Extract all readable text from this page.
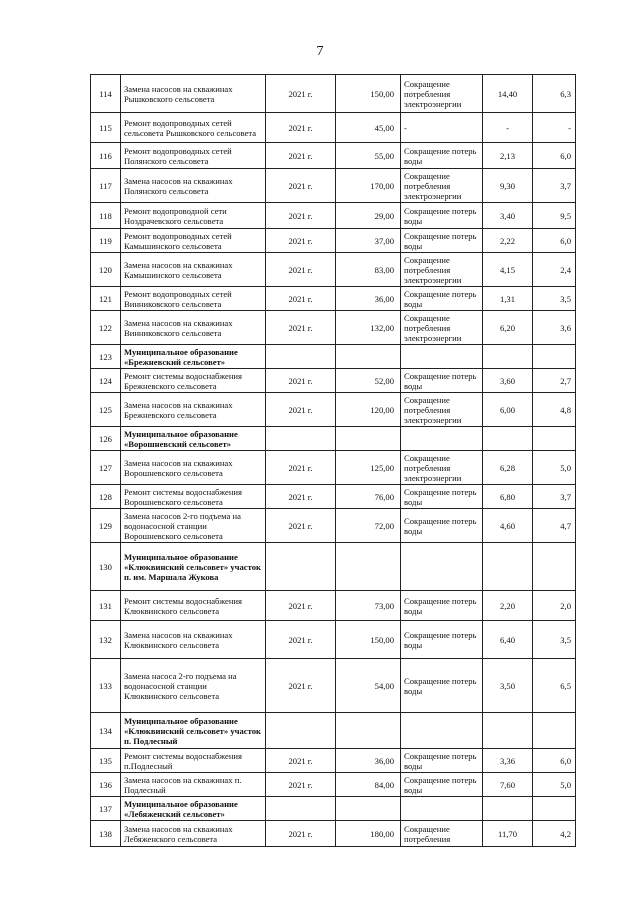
7
114	Замена насосов на скважинах Рышковского сельсовета	2021 г.	150,00	Сокращение потребления электроэнергии	14,40	6,3
115	Ремонт водопроводных сетей сельсовета Рышковского сельсовета	2021 г.	45,00	-	-	-
116	Ремонт водопроводных сетей Полянского сельсовета	2021 г.	55,00	Сокращение потерь воды	2,13	6,0
117	Замена насосов на скважинах Полянского сельсовета	2021 г.	170,00	Сокращение потребления электроэнергии	9,30	3,7
118	Ремонт водопроводной сети Ноздрачевского сельсовета	2021 г.	29,00	Сокращение потерь воды	3,40	9,5
119	Ремонт водопроводных сетей Камышинского сельсовета	2021 г.	37,00	Сокращение потерь воды	2,22	6,0
120	Замена насосов на скважинах Камышинского сельсовета	2021 г.	83,00	Сокращение потребления электроэнергии	4,15	2,4
121	Ремонт водопроводных сетей Винниковского сельсовета	2021 г.	36,00	Сокращение потерь воды	1,31	3,5
122	Замена насосов на скважинах Винниковского сельсовета	2021 г.	132,00	Сокращение потребления электроэнергии	6,20	3,6
123	Муниципальное образование «Брежневский сельсовет»					
124	Ремонт системы водоснабжения Брежневского сельсовета	2021 г.	52,00	Сокращение потерь воды	3,60	2,7
125	Замена насосов на скважинах Брежневского сельсовета	2021 г.	120,00	Сокращение потребления электроэнергии	6,00	4,8
126	Муниципальное образование «Ворошневский сельсовет»					
127	Замена насосов на скважинах Ворошневского сельсовета	2021 г.	125,00	Сокращение потребления электроэнергии	6,28	5,0
128	Ремонт системы водоснабжения Ворошневского сельсовета	2021 г.	76,00	Сокращение потерь воды	6,80	3,7
129	Замена насосов 2-го подъема на водонасосной станции Ворошневского сельсовета	2021 г.	72,00	Сокращение потерь воды	4,60	4,7
130	Муниципальное образование «Клюквинский сельсовет» участок п. им. Маршала Жукова					
131	Ремонт системы водоснабжения Клюквинского сельсовета	2021 г.	73,00	Сокращение потерь воды	2,20	2,0
132	Замена насосов на скважинах Клюквинского сельсовета	2021 г.	150,00	Сокращение потерь воды	6,40	3,5
133	Замена насоса 2-го подъема на водонасосной станции Клюквинского сельсовета	2021 г.	54,00	Сокращение потерь воды	3,50	6,5
134	Муниципальное образование «Клюквинский сельсовет» участок п. Подлесный					
135	Ремонт системы водоснабжения п.Подлесный	2021 г.	36,00	Сокращение потерь воды	3,36	6,0
136	Замена насосов на скважинах п. Подлесный	2021 г.	84,00	Сокращение потерь воды	7,60	5,0
137	Муниципальное образование «Лебяженский сельсовет»					
138	Замена насосов на скважинах Лебяженского сельсовета	2021 г.	180,00	Сокращение потребления	11,70	4,2
